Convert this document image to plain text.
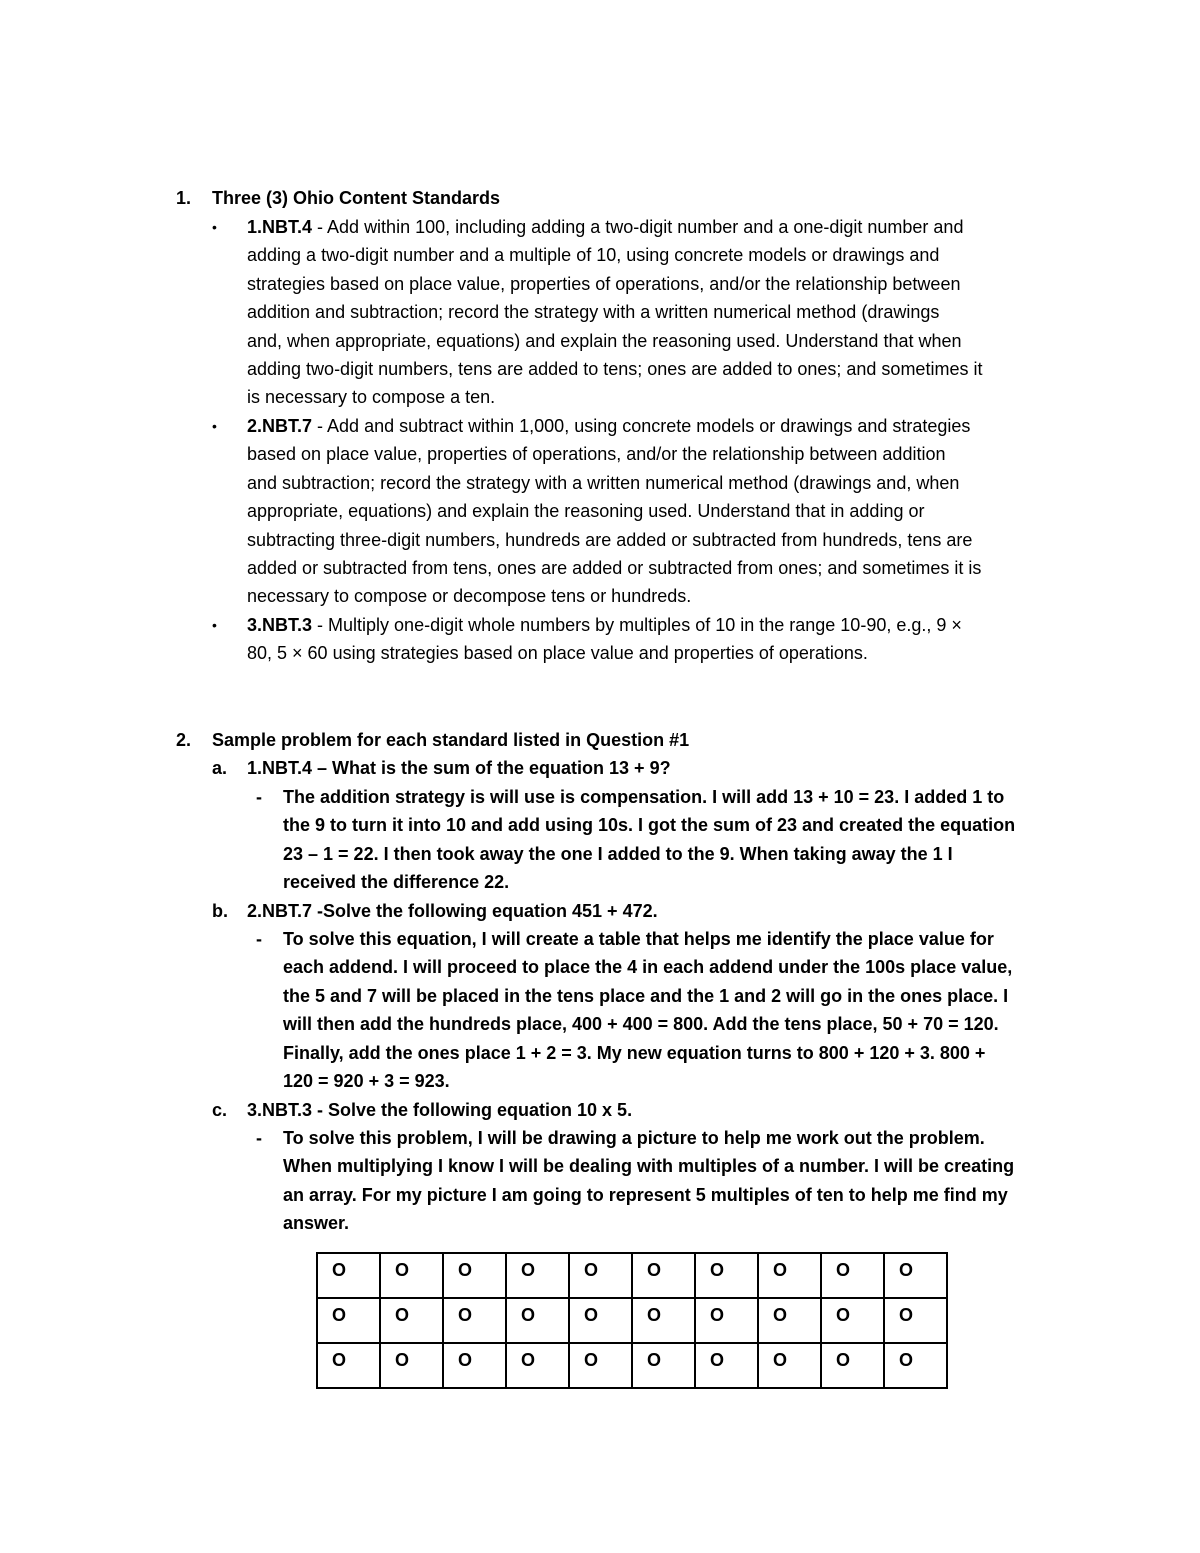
1. Three (3) Ohio Content Standards
• 1.NBT.4 - Add within 100, including adding a two-digit number and a one-digit number and
adding a two-digit number and a multiple of 10, using concrete models or drawings and
strategies based on place value, properties of operations, and/or the relationship between
addition and subtraction; record the strategy with a written numerical method (drawings
and, when appropriate, equations) and explain the reasoning used. Understand that when
adding two-digit numbers, tens are added to tens; ones are added to ones; and sometimes it
is necessary to compose a ten.
• 2.NBT.7 - Add and subtract within 1,000, using concrete models or drawings and strategies
based on place value, properties of operations, and/or the relationship between addition
and subtraction; record the strategy with a written numerical method (drawings and, when
appropriate, equations) and explain the reasoning used. Understand that in adding or
subtracting three-digit numbers, hundreds are added or subtracted from hundreds, tens are
added or subtracted from tens, ones are added or subtracted from ones; and sometimes it is
necessary to compose or decompose tens or hundreds.
• 3.NBT.3 - Multiply one-digit whole numbers by multiples of 10 in the range 10-90, e.g., 9 ×
80, 5 × 60 using strategies based on place value and properties of operations.
2. Sample problem for each standard listed in Question #1
a. 1.NBT.4 – What is the sum of the equation 13 + 9?
- The addition strategy is will use is compensation. I will add 13 + 10 = 23. I added 1 to
the 9 to turn it into 10 and add using 10s. I got the sum of 23 and created the equation
23 – 1 = 22. I then took away the one I added to the 9. When taking away the 1 I
received the difference 22.
b. 2.NBT.7 -Solve the following equation 451 + 472.
- To solve this equation, I will create a table that helps me identify the place value for
each addend. I will proceed to place the 4 in each addend under the 100s place value,
the 5 and 7 will be placed in the tens place and the 1 and 2 will go in the ones place. I
will then add the hundreds place, 400 + 400 = 800. Add the tens place, 50 + 70 = 120.
Finally, add the ones place 1 + 2 = 3. My new equation turns to 800 + 120 + 3. 800 +
120 = 920 + 3 = 923.
c. 3.NBT.3 - Solve the following equation 10 x 5.
- To solve this problem, I will be drawing a picture to help me work out the problem.
When multiplying I know I will be dealing with multiples of a number. I will be creating
an array. For my picture I am going to represent 5 multiples of ten to help me find my
answer.
O	O	O	O	O	O	O	O	O	O
O	O	O	O	O	O	O	O	O	O
O	O	O	O	O	O	O	O	O	O
